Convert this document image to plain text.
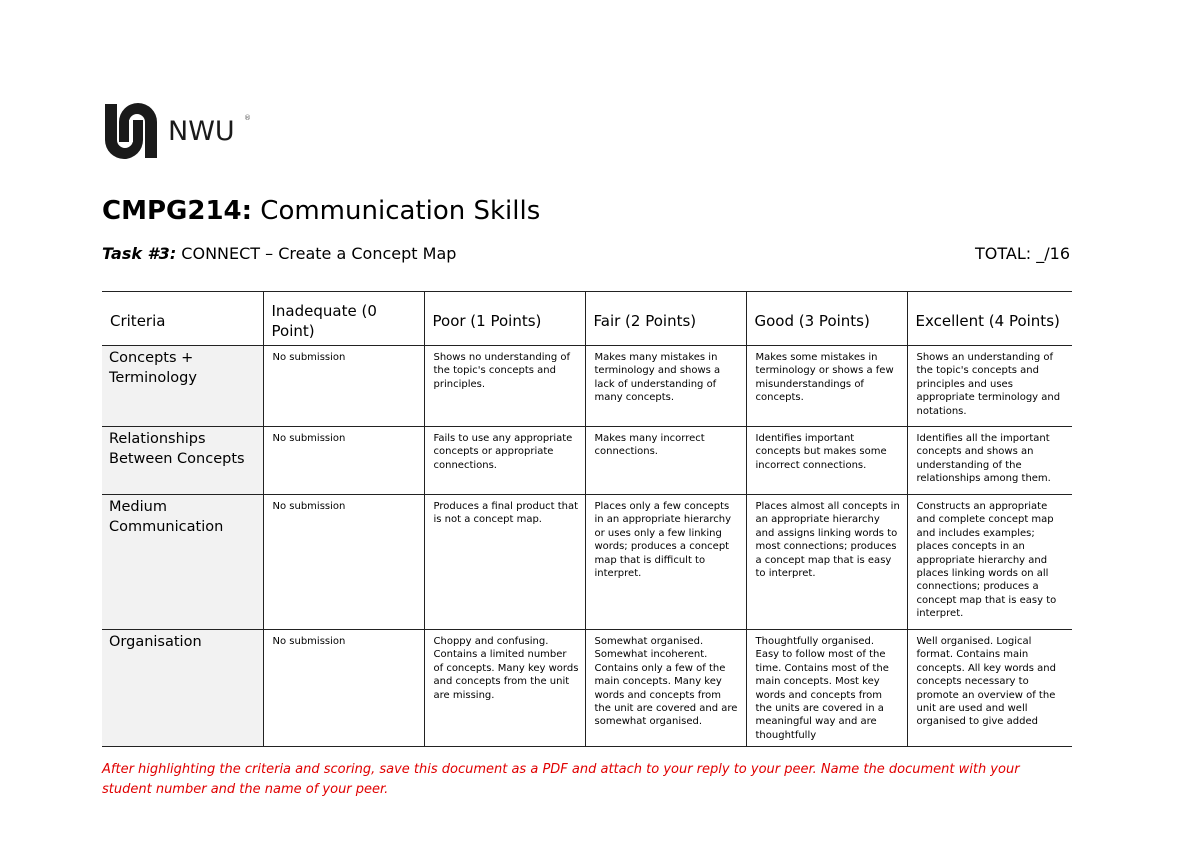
NWU ®
CMPG214: Communication Skills
Task #3: CONNECT – Create a Concept Map	TOTAL: _/16
Criteria	Inadequate (0 Point)	Poor (1 Points)	Fair (2 Points)	Good (3 Points)	Excellent (4 Points)
Concepts + Terminology	No submission	Shows no understanding of the topic's concepts and principles.	Makes many mistakes in terminology and shows a lack of understanding of many concepts.	Makes some mistakes in terminology or shows a few misunderstandings of concepts.	Shows an understanding of the topic's concepts and principles and uses appropriate terminology and notations.
Relationships Between Concepts	No submission	Fails to use any appropriate concepts or appropriate connections.	Makes many incorrect connections.	Identifies important concepts but makes some incorrect connections.	Identifies all the important concepts and shows an understanding of the relationships among them.
Medium Communication	No submission	Produces a final product that is not a concept map.	Places only a few concepts in an appropriate hierarchy or uses only a few linking words; produces a concept map that is difficult to interpret.	Places almost all concepts in an appropriate hierarchy and assigns linking words to most connections; produces a concept map that is easy to interpret.	Constructs an appropriate and complete concept map and includes examples; places concepts in an appropriate hierarchy and places linking words on all connections; produces a concept map that is easy to interpret.
Organisation	No submission	Choppy and confusing. Contains a limited number of concepts. Many key words and concepts from the unit are missing.	Somewhat organised. Somewhat incoherent. Contains only a few of the main concepts. Many key words and concepts from the unit are covered and are somewhat organised.	Thoughtfully organised. Easy to follow most of the time. Contains most of the main concepts. Most key words and concepts from the units are covered in a meaningful way and are thoughtfully	Well organised. Logical format. Contains main concepts. All key words and concepts necessary to promote an overview of the unit are used and well organised to give added
After highlighting the criteria and scoring, save this document as a PDF and attach to your reply to your peer. Name the document with your student number and the name of your peer.
